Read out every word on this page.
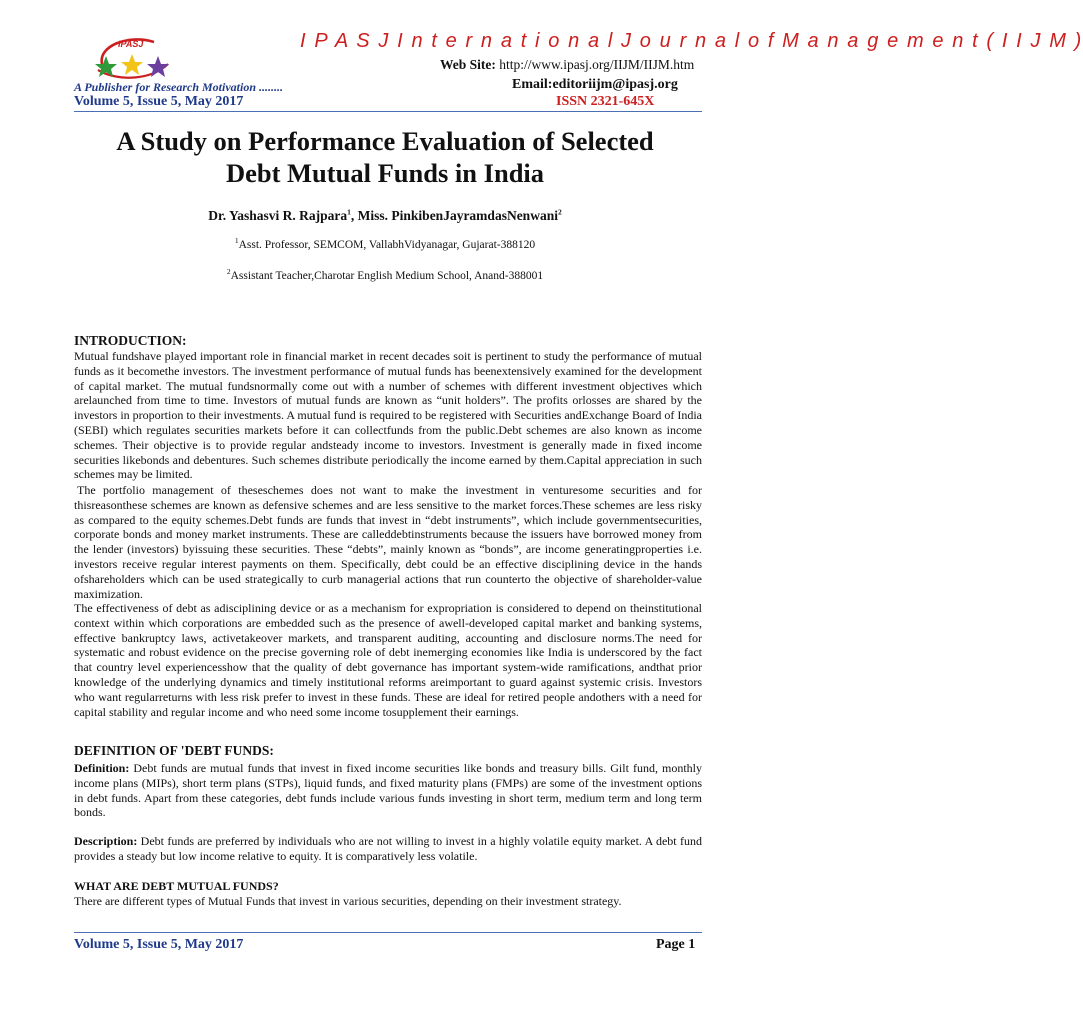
IPASJ	I P A S J I n t e r n a t i o n a l J o u r n a l o f M a n a g e m e n t ( I I J M )
Web Site: http://www.ipasj.org/IIJM/IIJM.htm
A Publisher for Research Motivation ........	Email:editoriijm@ipasj.org
Volume 5, Issue 5, May 2017	ISSN 2321-645X
A Study on Performance Evaluation of Selected
Debt Mutual Funds in India
Dr. Yashasvi R. Rajpara$^1$, Miss. PinkibenJayramdasNenwani$^2$
$^1$Asst. Professor, SEMCOM, VallabhVidyanagar, Gujarat-388120
$^2$Assistant Teacher,Charotar English Medium School, Anand-388001
INTRODUCTION:

Mutual fundshave played important role in financial market in recent decades soit is pertinent to study the performance of mutual funds as it becomethe investors. The investment performance of mutual funds has beenextensively examined for the development of capital market. The mutual fundsnormally come out with a number of schemes with different investment objectives which arelaunched from time to time. Investors of mutual funds are known as “unit holders”. The profits orlosses are shared by the investors in proportion to their investments. A mutual fund is required to be registered with Securities andExchange Board of India (SEBI) which regulates securities markets before it can collectfunds from the public.Debt schemes are also known as income schemes. Their objective is to provide regular andsteady income to investors. Investment is generally made in fixed income securities likebonds and debentures. Such schemes distribute periodically the income earned by them.Capital appreciation in such schemes may be limited.

The portfolio management of theseschemes does not want to make the investment in venturesome securities and for thisreasonthese schemes are known as defensive schemes and are less sensitive to the market forces.These schemes are less risky as compared to the equity schemes.Debt funds are funds that invest in “debt instruments”, which include governmentsecurities, corporate bonds and money market instruments. These are calleddebtinstruments because the issuers have borrowed money from the lender (investors) byissuing these securities. These “debts”, mainly known as “bonds”, are income generatingproperties i.e. investors receive regular interest payments on them. Specifically, debt could be an effective disciplining device in the hands ofshareholders which can be used strategically to curb managerial actions that run counterto the objective of shareholder-value maximization.

The effectiveness of debt as adisciplining device or as a mechanism for expropriation is considered to depend on theinstitutional context within which corporations are embedded such as the presence of awell-developed capital market and banking systems, effective bankruptcy laws, activetakeover markets, and transparent auditing, accounting and disclosure norms.The need for systematic and robust evidence on the precise governing role of debt inemerging economies like India is underscored by the fact that country level experiencesshow that the quality of debt governance has important system-wide ramifications, andthat prior knowledge of the underlying dynamics and timely institutional reforms areimportant to guard against systemic crisis. Investors who want regularreturns with less risk prefer to invest in these funds. These are ideal for retired people andothers with a need for capital stability and regular income and who need some income tosupplement their earnings.

DEFINITION OF 'DEBT FUNDS:

Definition: Debt funds are mutual funds that invest in fixed income securities like bonds and treasury bills. Gilt fund, monthly income plans (MIPs), short term plans (STPs), liquid funds, and fixed maturity plans (FMPs) are some of the investment options in debt funds. Apart from these categories, debt funds include various funds investing in short term, medium term and long term bonds.

Description: Debt funds are preferred by individuals who are not willing to invest in a highly volatile equity market. A debt fund provides a steady but low income relative to equity. It is comparatively less volatile.

WHAT ARE DEBT MUTUAL FUNDS?

There are different types of Mutual Funds that invest in various securities, depending on their investment strategy.

Volume 5, Issue 5, May 2017	Page 1
